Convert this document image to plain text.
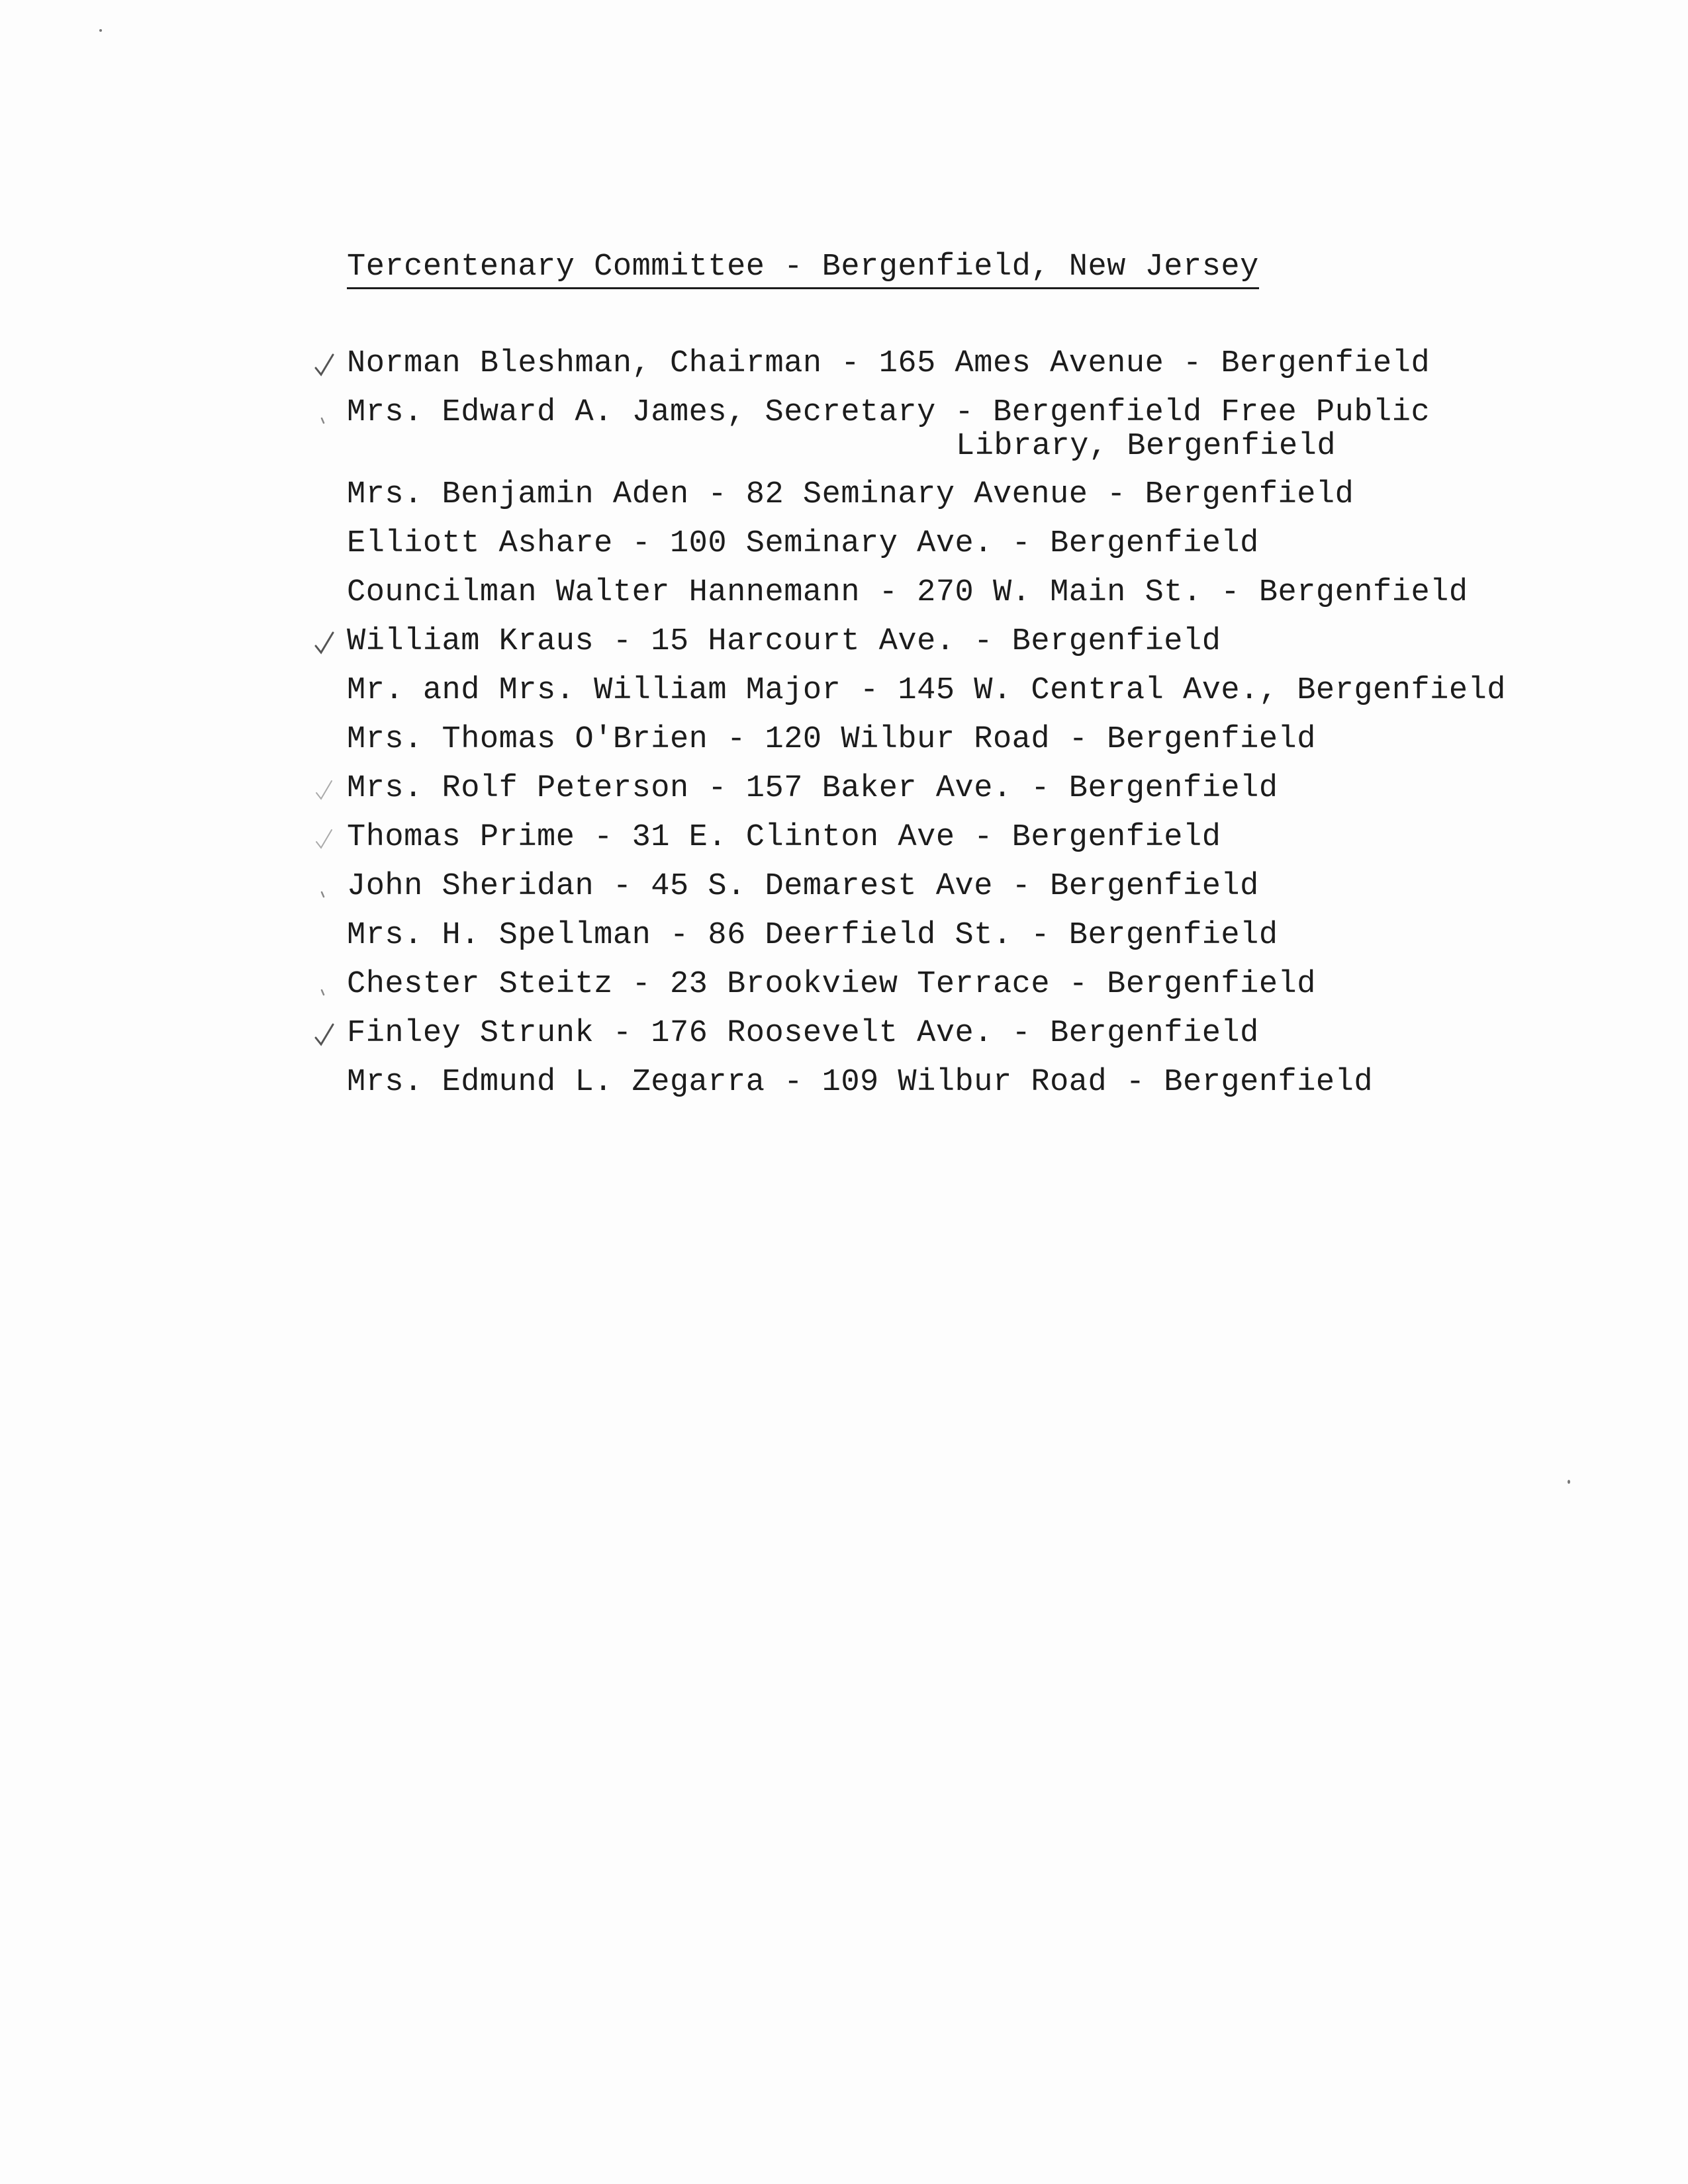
Tercentenary Committee - Bergenfield, New Jersey
Norman Bleshman, Chairman - 165 Ames Avenue - Bergenfield
Mrs. Edward A. James, Secretary - Bergenfield Free Public
Library, Bergenfield
Mrs. Benjamin Aden - 82 Seminary Avenue - Bergenfield
Elliott Ashare - 100 Seminary Ave. - Bergenfield
Councilman Walter Hannemann - 270 W. Main St. - Bergenfield
William Kraus - 15 Harcourt Ave. - Bergenfield
Mr. and Mrs. William Major - 145 W. Central Ave., Bergenfield
Mrs. Thomas O'Brien - 120 Wilbur Road - Bergenfield
Mrs. Rolf Peterson - 157 Baker Ave. - Bergenfield
Thomas Prime - 31 E. Clinton Ave - Bergenfield
John Sheridan - 45 S. Demarest Ave - Bergenfield
Mrs. H. Spellman - 86 Deerfield St. - Bergenfield
Chester Steitz - 23 Brookview Terrace - Bergenfield
Finley Strunk - 176 Roosevelt Ave. - Bergenfield
Mrs. Edmund L. Zegarra - 109 Wilbur Road - Bergenfield
